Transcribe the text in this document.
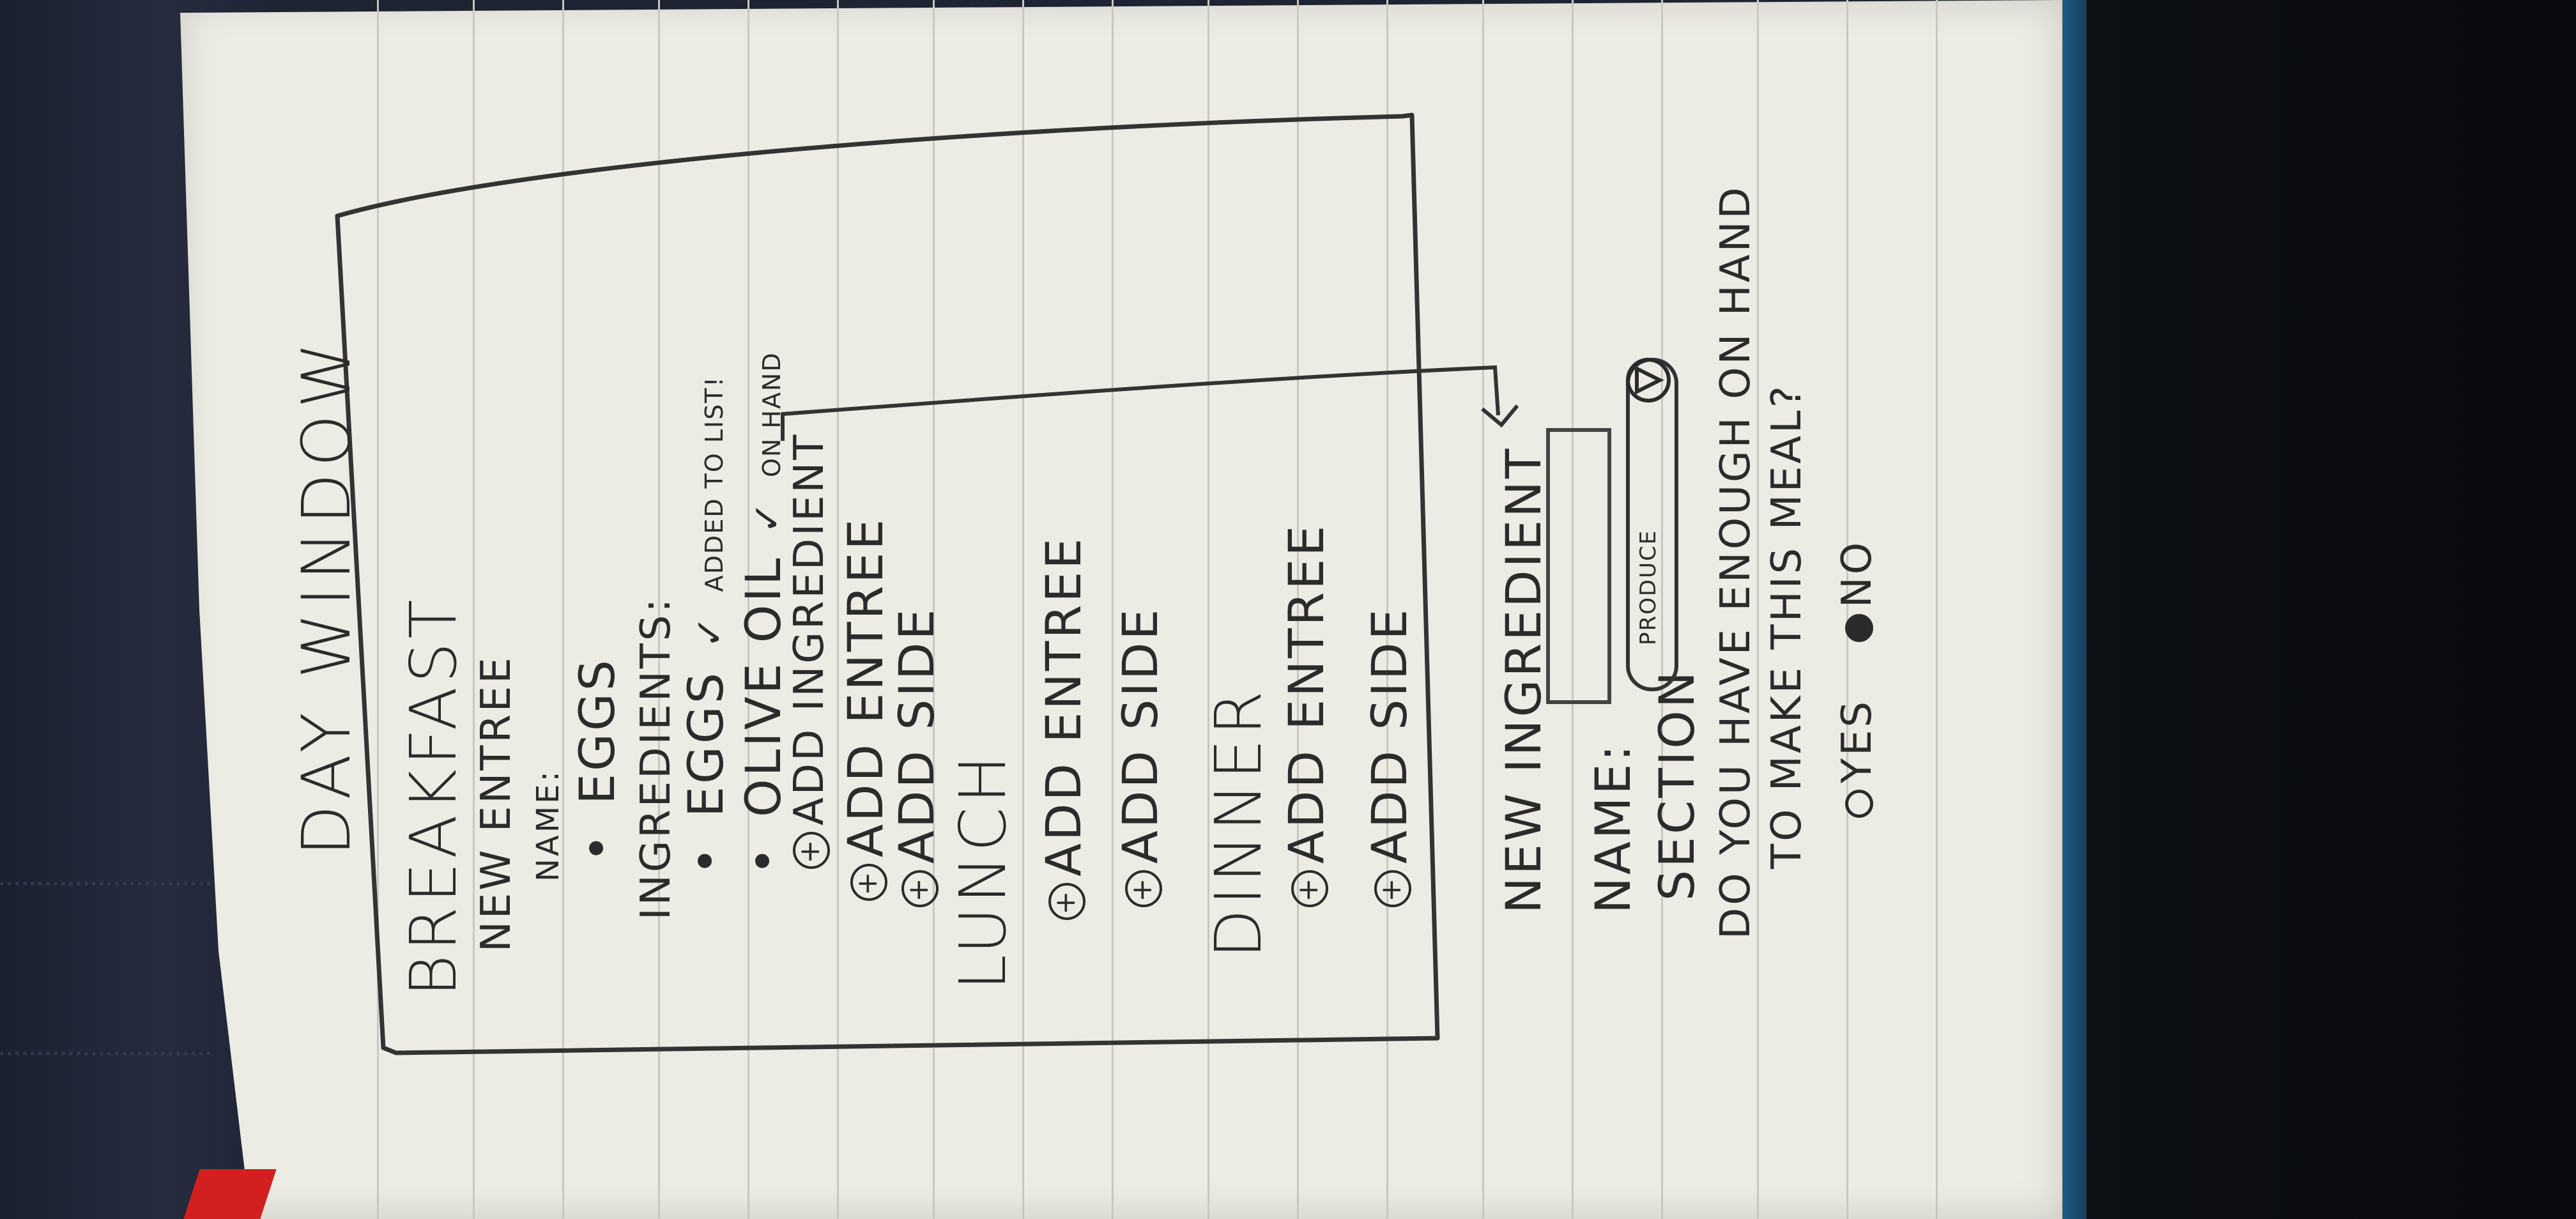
DAY WINDOW BREAKFAST NEW ENTREE NAME:
• EGGS INGREDIENTS:
• EGGS ✓ ADDED TO LIST!
• OLIVE OIL ✓ ON HAND
+ADD INGREDIENT
+ADD ENTREE
+ADD SIDE
LUNCH	+ADD ENTREE
+ADD SIDE DINNER +ADD ENTREE
+ADD SIDE NEW INGREDIENT NAME: SECTION
PRODUCE DO YOU HAVE ENOUGH ON HAND TO MAKE THIS MEAL? YES  NO
